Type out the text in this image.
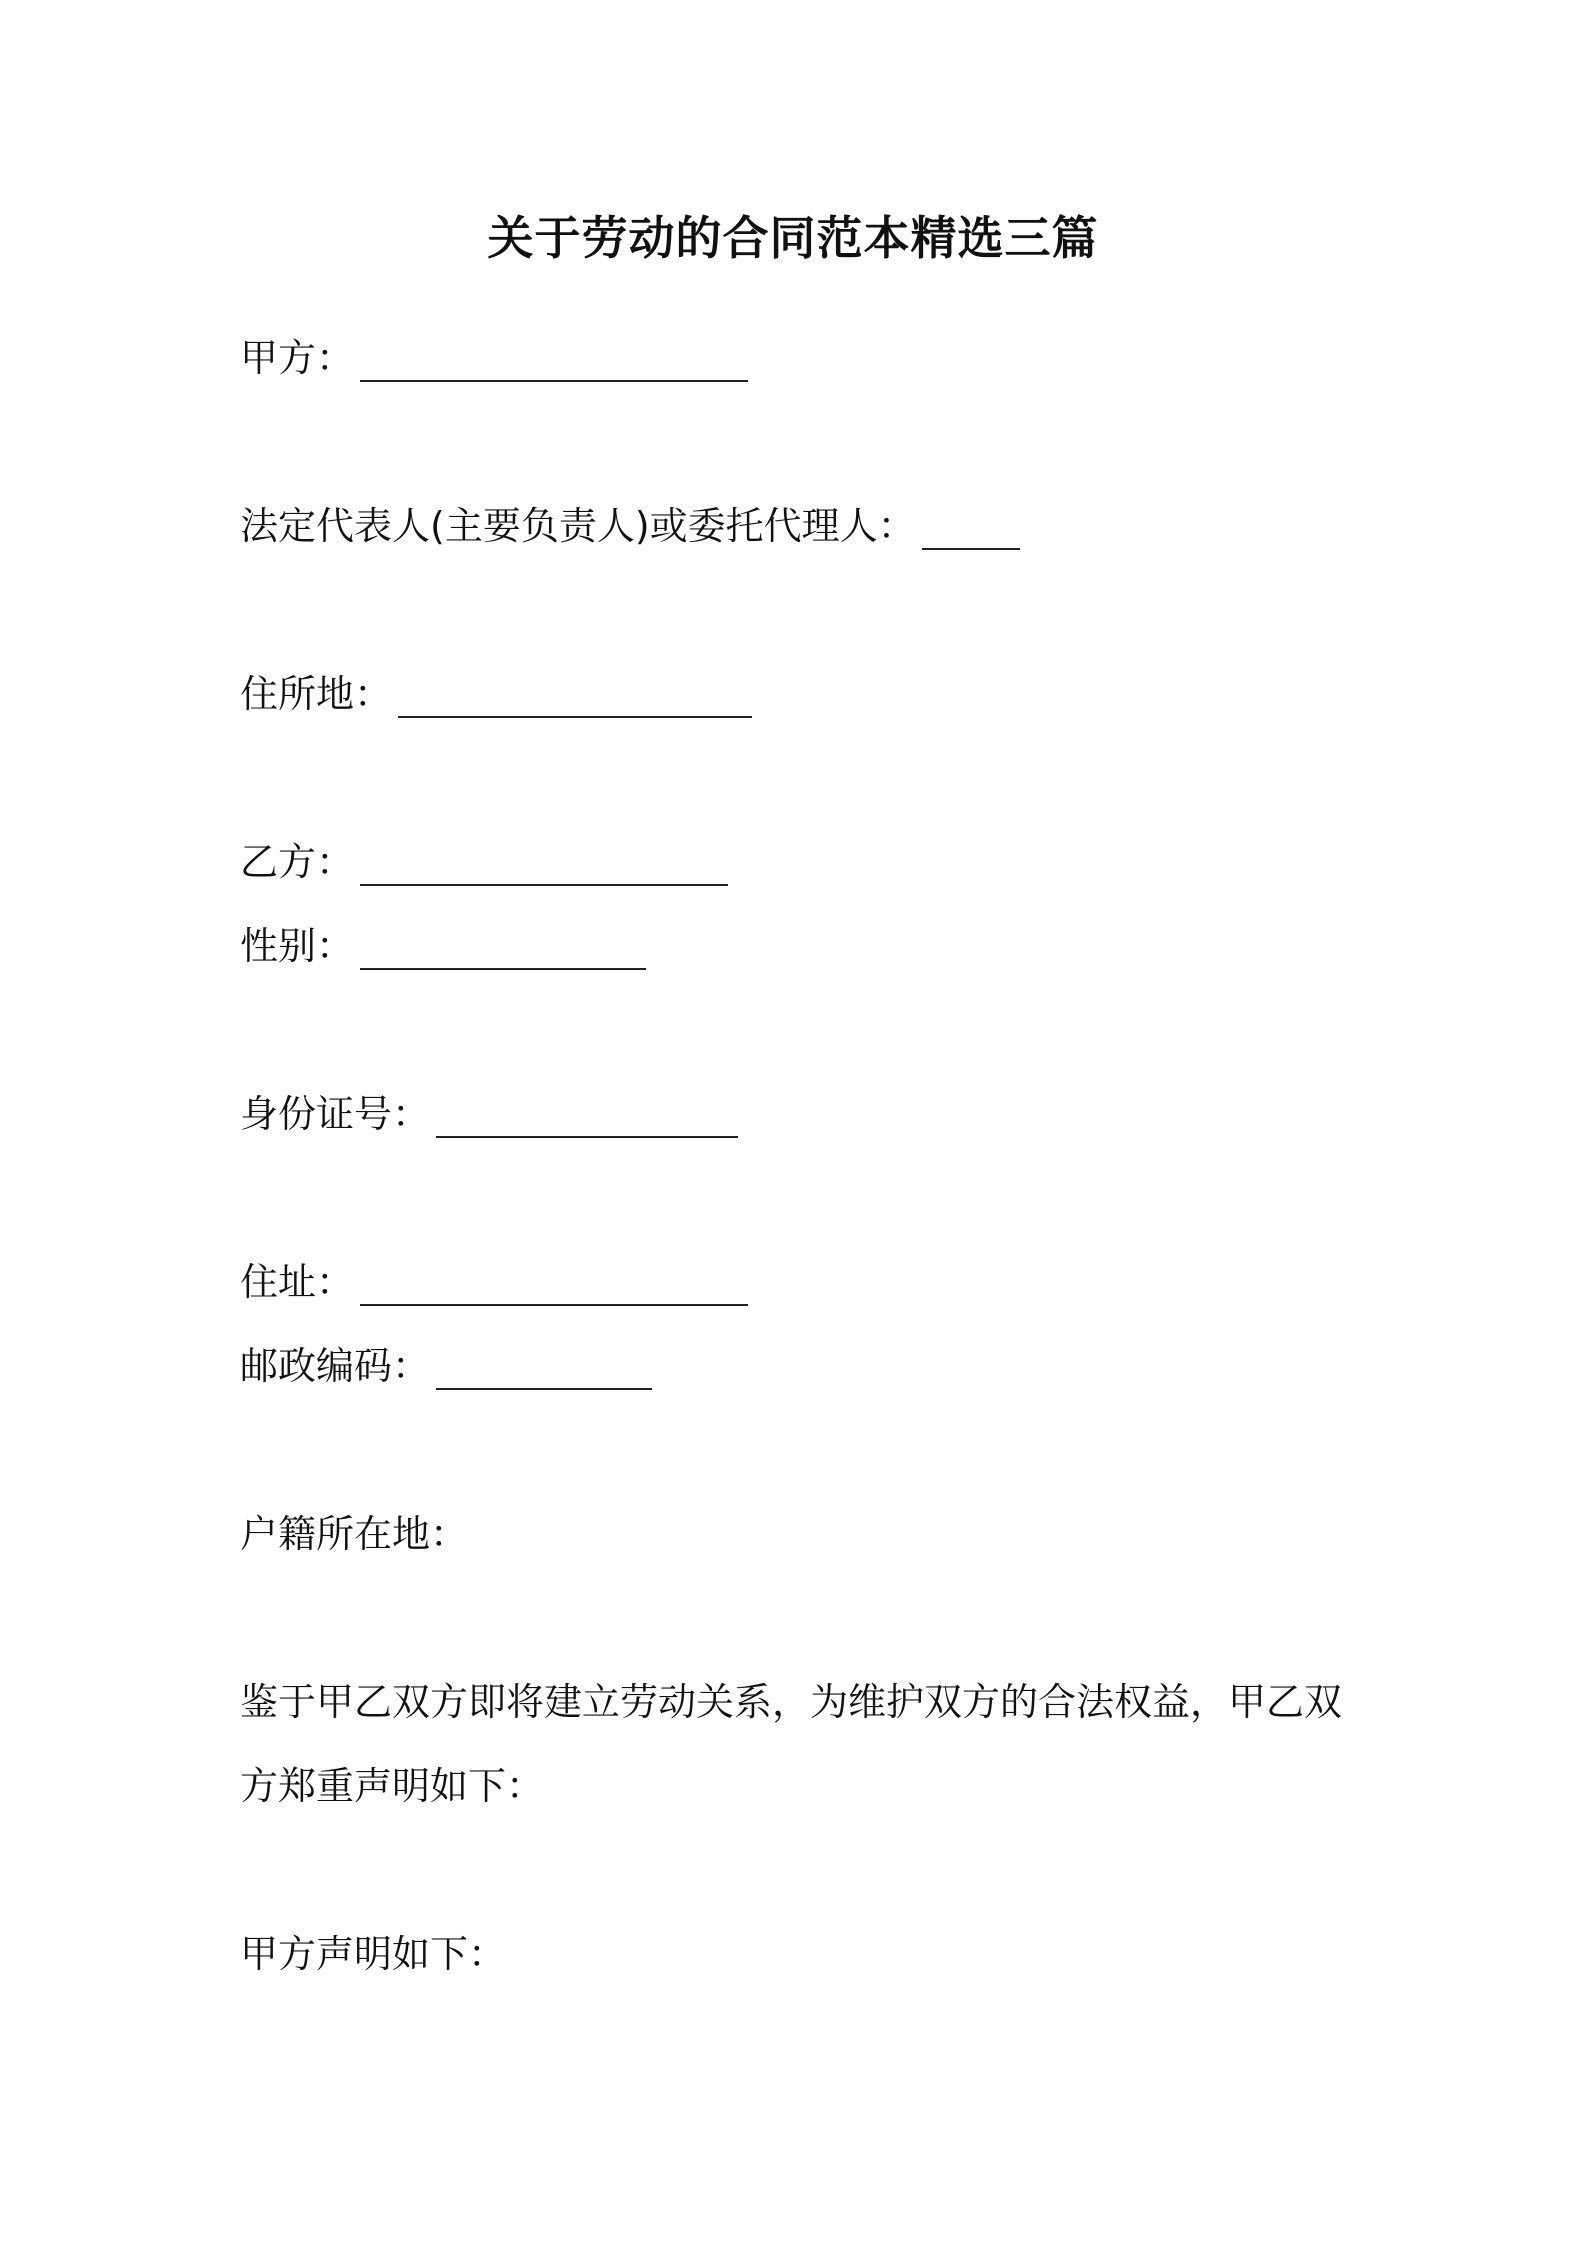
关于劳动的合同范本精选三篇
甲方：
法定代表人(主要负责人)或委托代理人：
住所地：
乙方：
性别：
身份证号：
住址：
邮政编码：
户籍所在地：
鉴于甲乙双方即将建立劳动关系，为维护双方的合法权益，甲乙双方郑重声明如下：
甲方声明如下：
